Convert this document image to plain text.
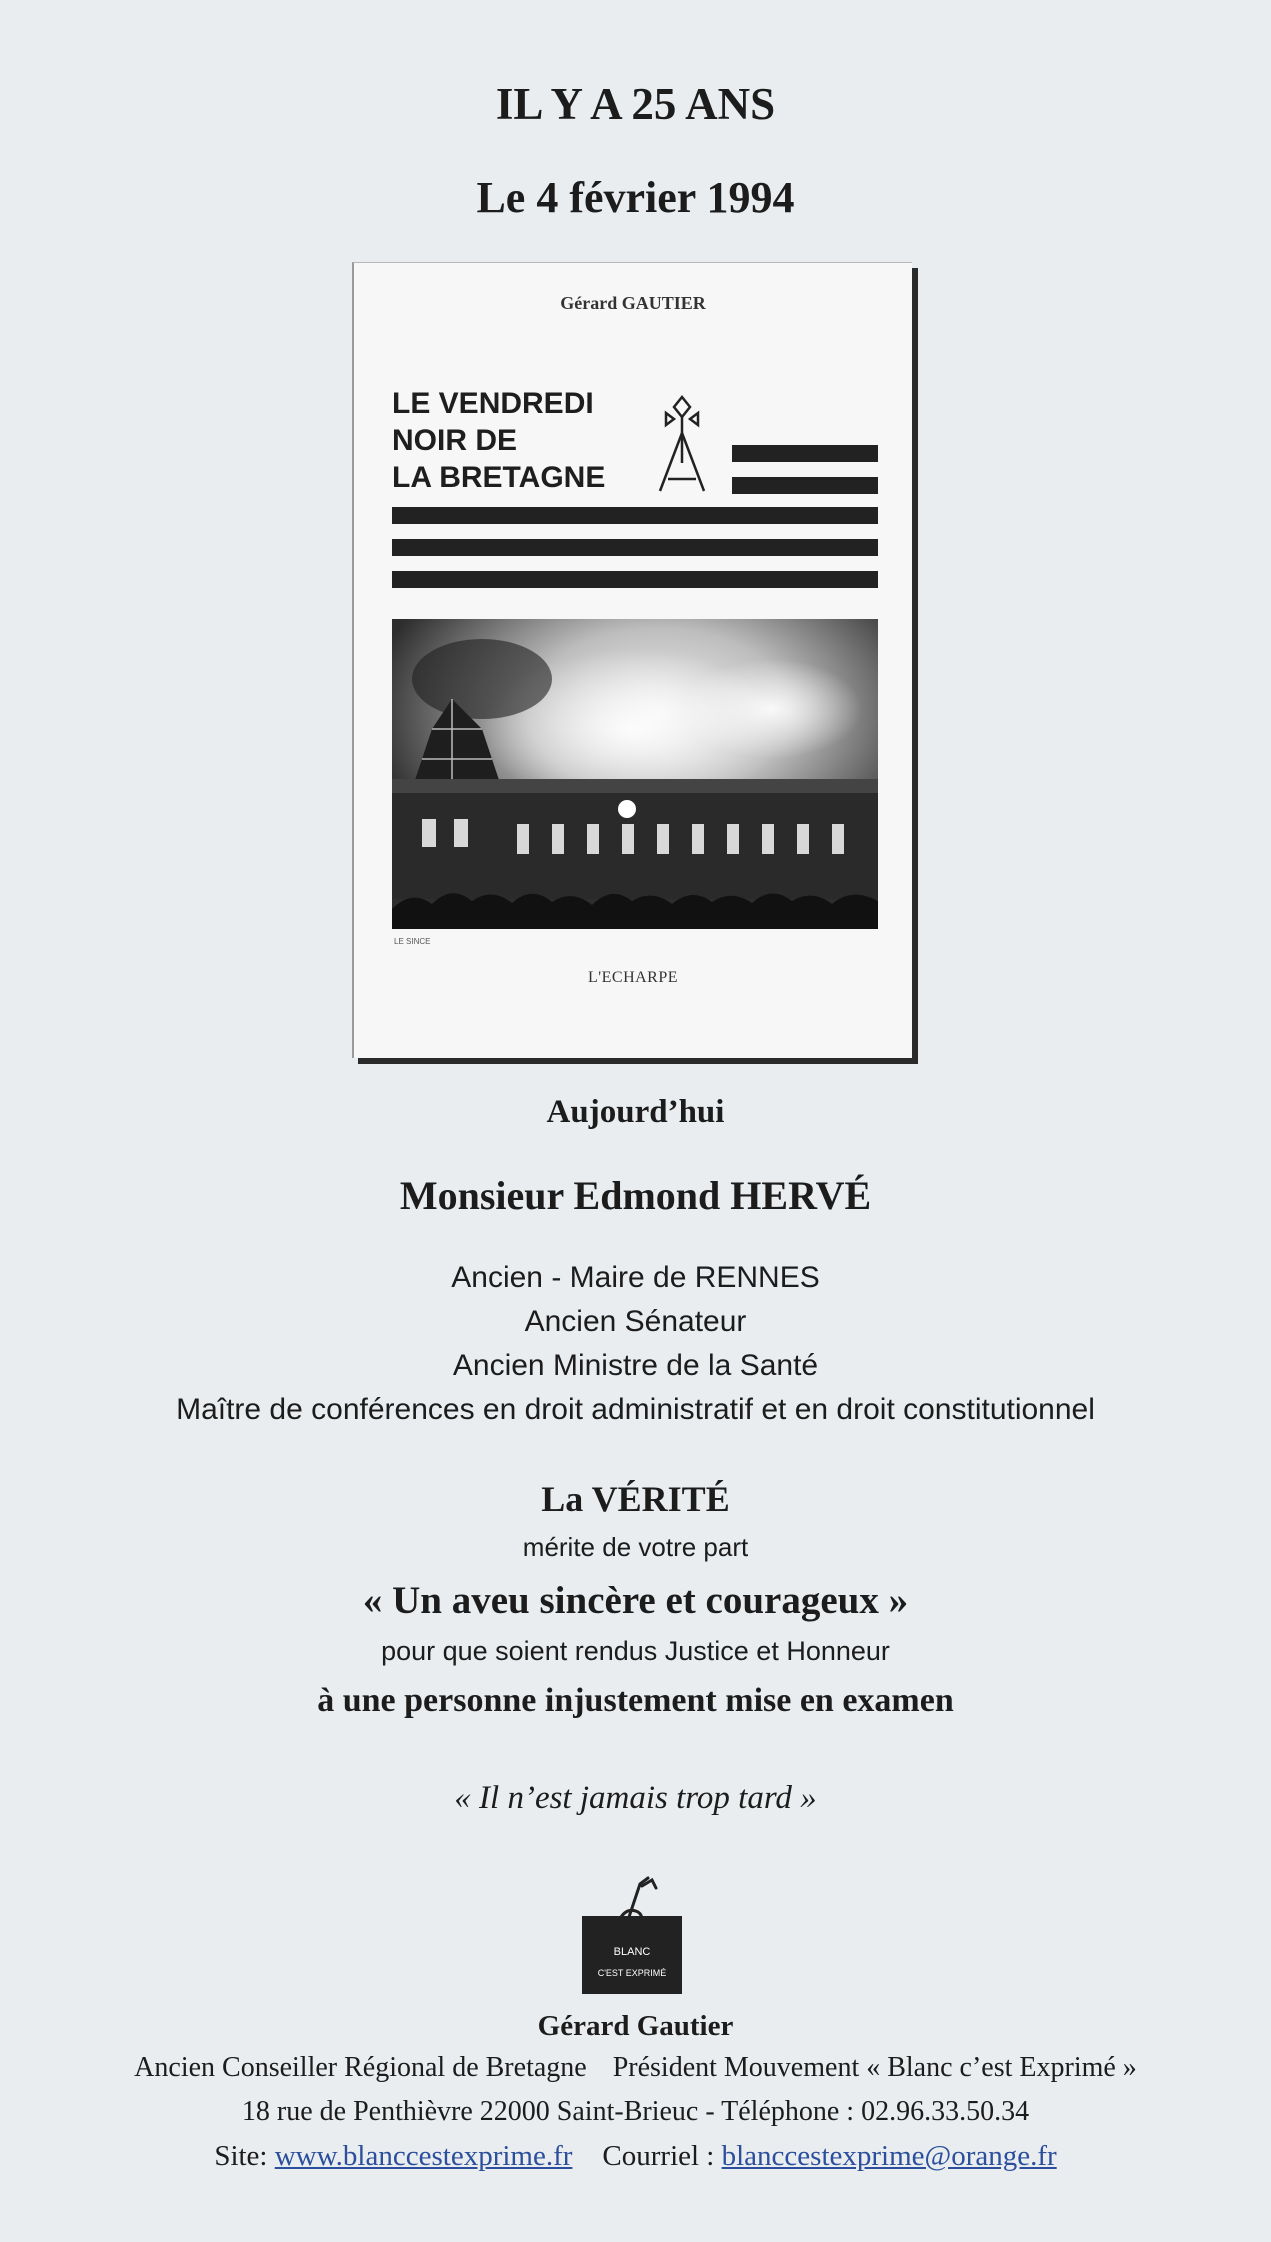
IL Y A 25 ANS
Le 4 février 1994
Gérard GAUTIER
LE VENDREDI
NOIR DE
LA BRETAGNE
LE SINCE
L'ECHARPE
Aujourd’hui
Monsieur Edmond HERVÉ
Ancien - Maire de RENNES
Ancien Sénateur
Ancien Ministre de la Santé
Maître de conférences en droit administratif et en droit constitutionnel
La VÉRITÉ
mérite de votre part
« Un aveu sincère et courageux »
pour que soient rendus Justice et Honneur
à une personne injustement mise en examen
« Il n’est jamais trop tard »
BLANC
C'EST EXPRIMÉ
Gérard Gautier
Ancien Conseiller Régional de Bretagne Président Mouvement « Blanc c’est Exprimé »
18 rue de Penthièvre 22000 Saint-Brieuc - Téléphone : 02.96.33.50.34
Site: www.blanccestexprime.fr Courriel : blanccestexprime@orange.fr
